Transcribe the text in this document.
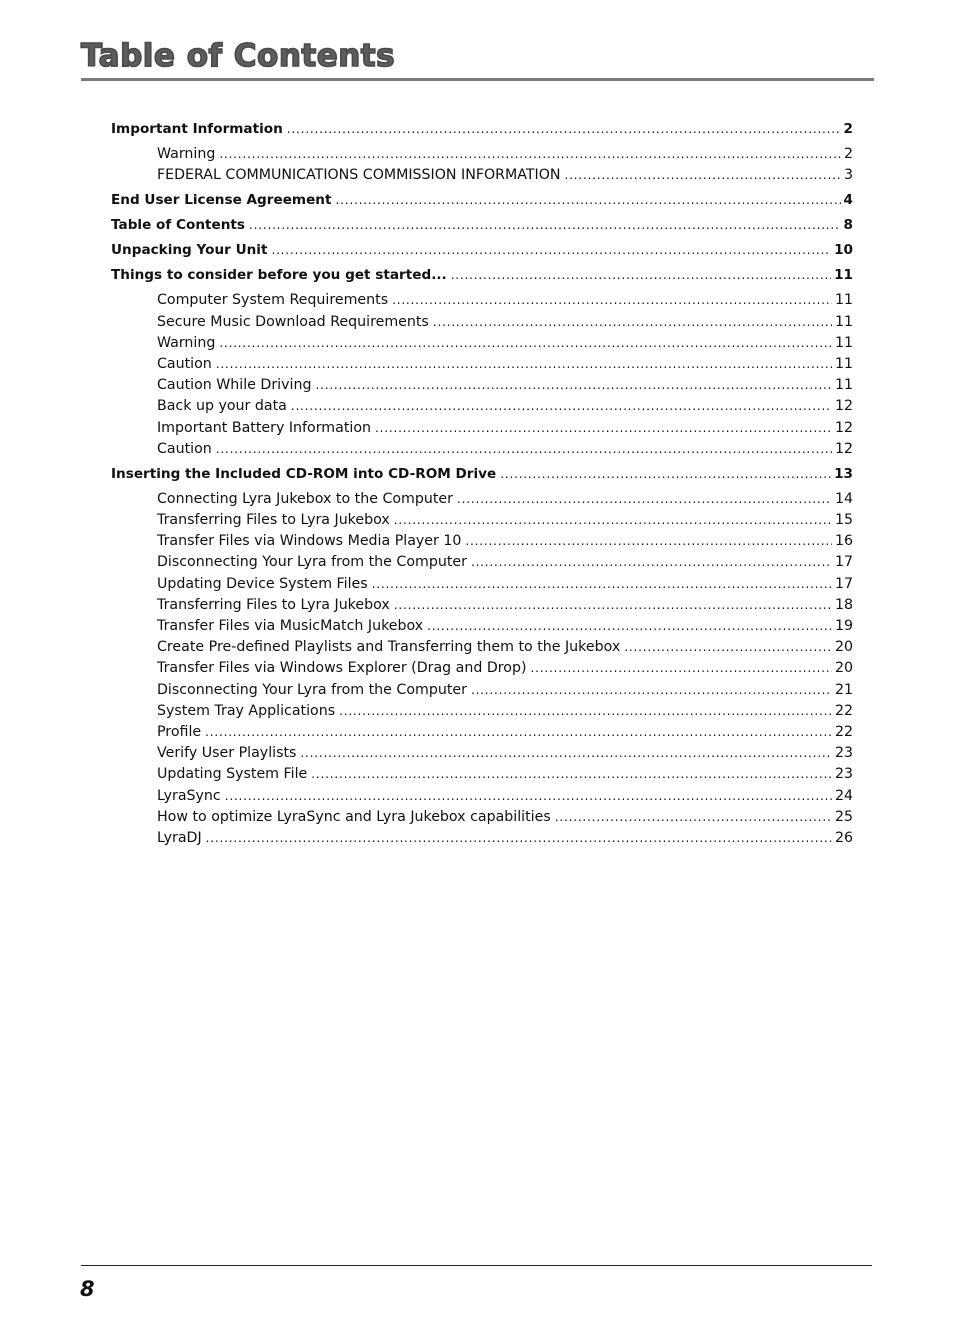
Table of Contents
Important Information .....	2
Warning .....	2
FEDERAL COMMUNICATIONS COMMISSION INFORMATION .....	3
End User License Agreement .....	4
Table of Contents .....	8
Unpacking Your Unit .....	10
Things to consider before you get started... .....	11
Computer System Requirements .....	11
Secure Music Download Requirements .....	11
Warning .....	11
Caution .....	11
Caution While Driving .....	11
Back up your data .....	12
Important Battery Information .....	12
Caution .....	12
Inserting the Included CD-ROM into CD-ROM Drive .....	13
Connecting Lyra Jukebox to the Computer .....	14
Transferring Files to Lyra Jukebox .....	15
Transfer Files via Windows Media Player 10 .....	16
Disconnecting Your Lyra from the Computer .....	17
Updating Device System Files .....	17
Transferring Files to Lyra Jukebox .....	18
Transfer Files via MusicMatch Jukebox .....	19
Create Pre-defined Playlists and Transferring them to the Jukebox .....	20
Transfer Files via Windows Explorer (Drag and Drop) .....	20
Disconnecting Your Lyra from the Computer .....	21
System Tray Applications .....	22
Profile .....	22
Verify User Playlists .....	23
Updating System File .....	23
LyraSync .....	24
How to optimize LyraSync and Lyra Jukebox capabilities .....	25
LyraDJ .....	26
8
